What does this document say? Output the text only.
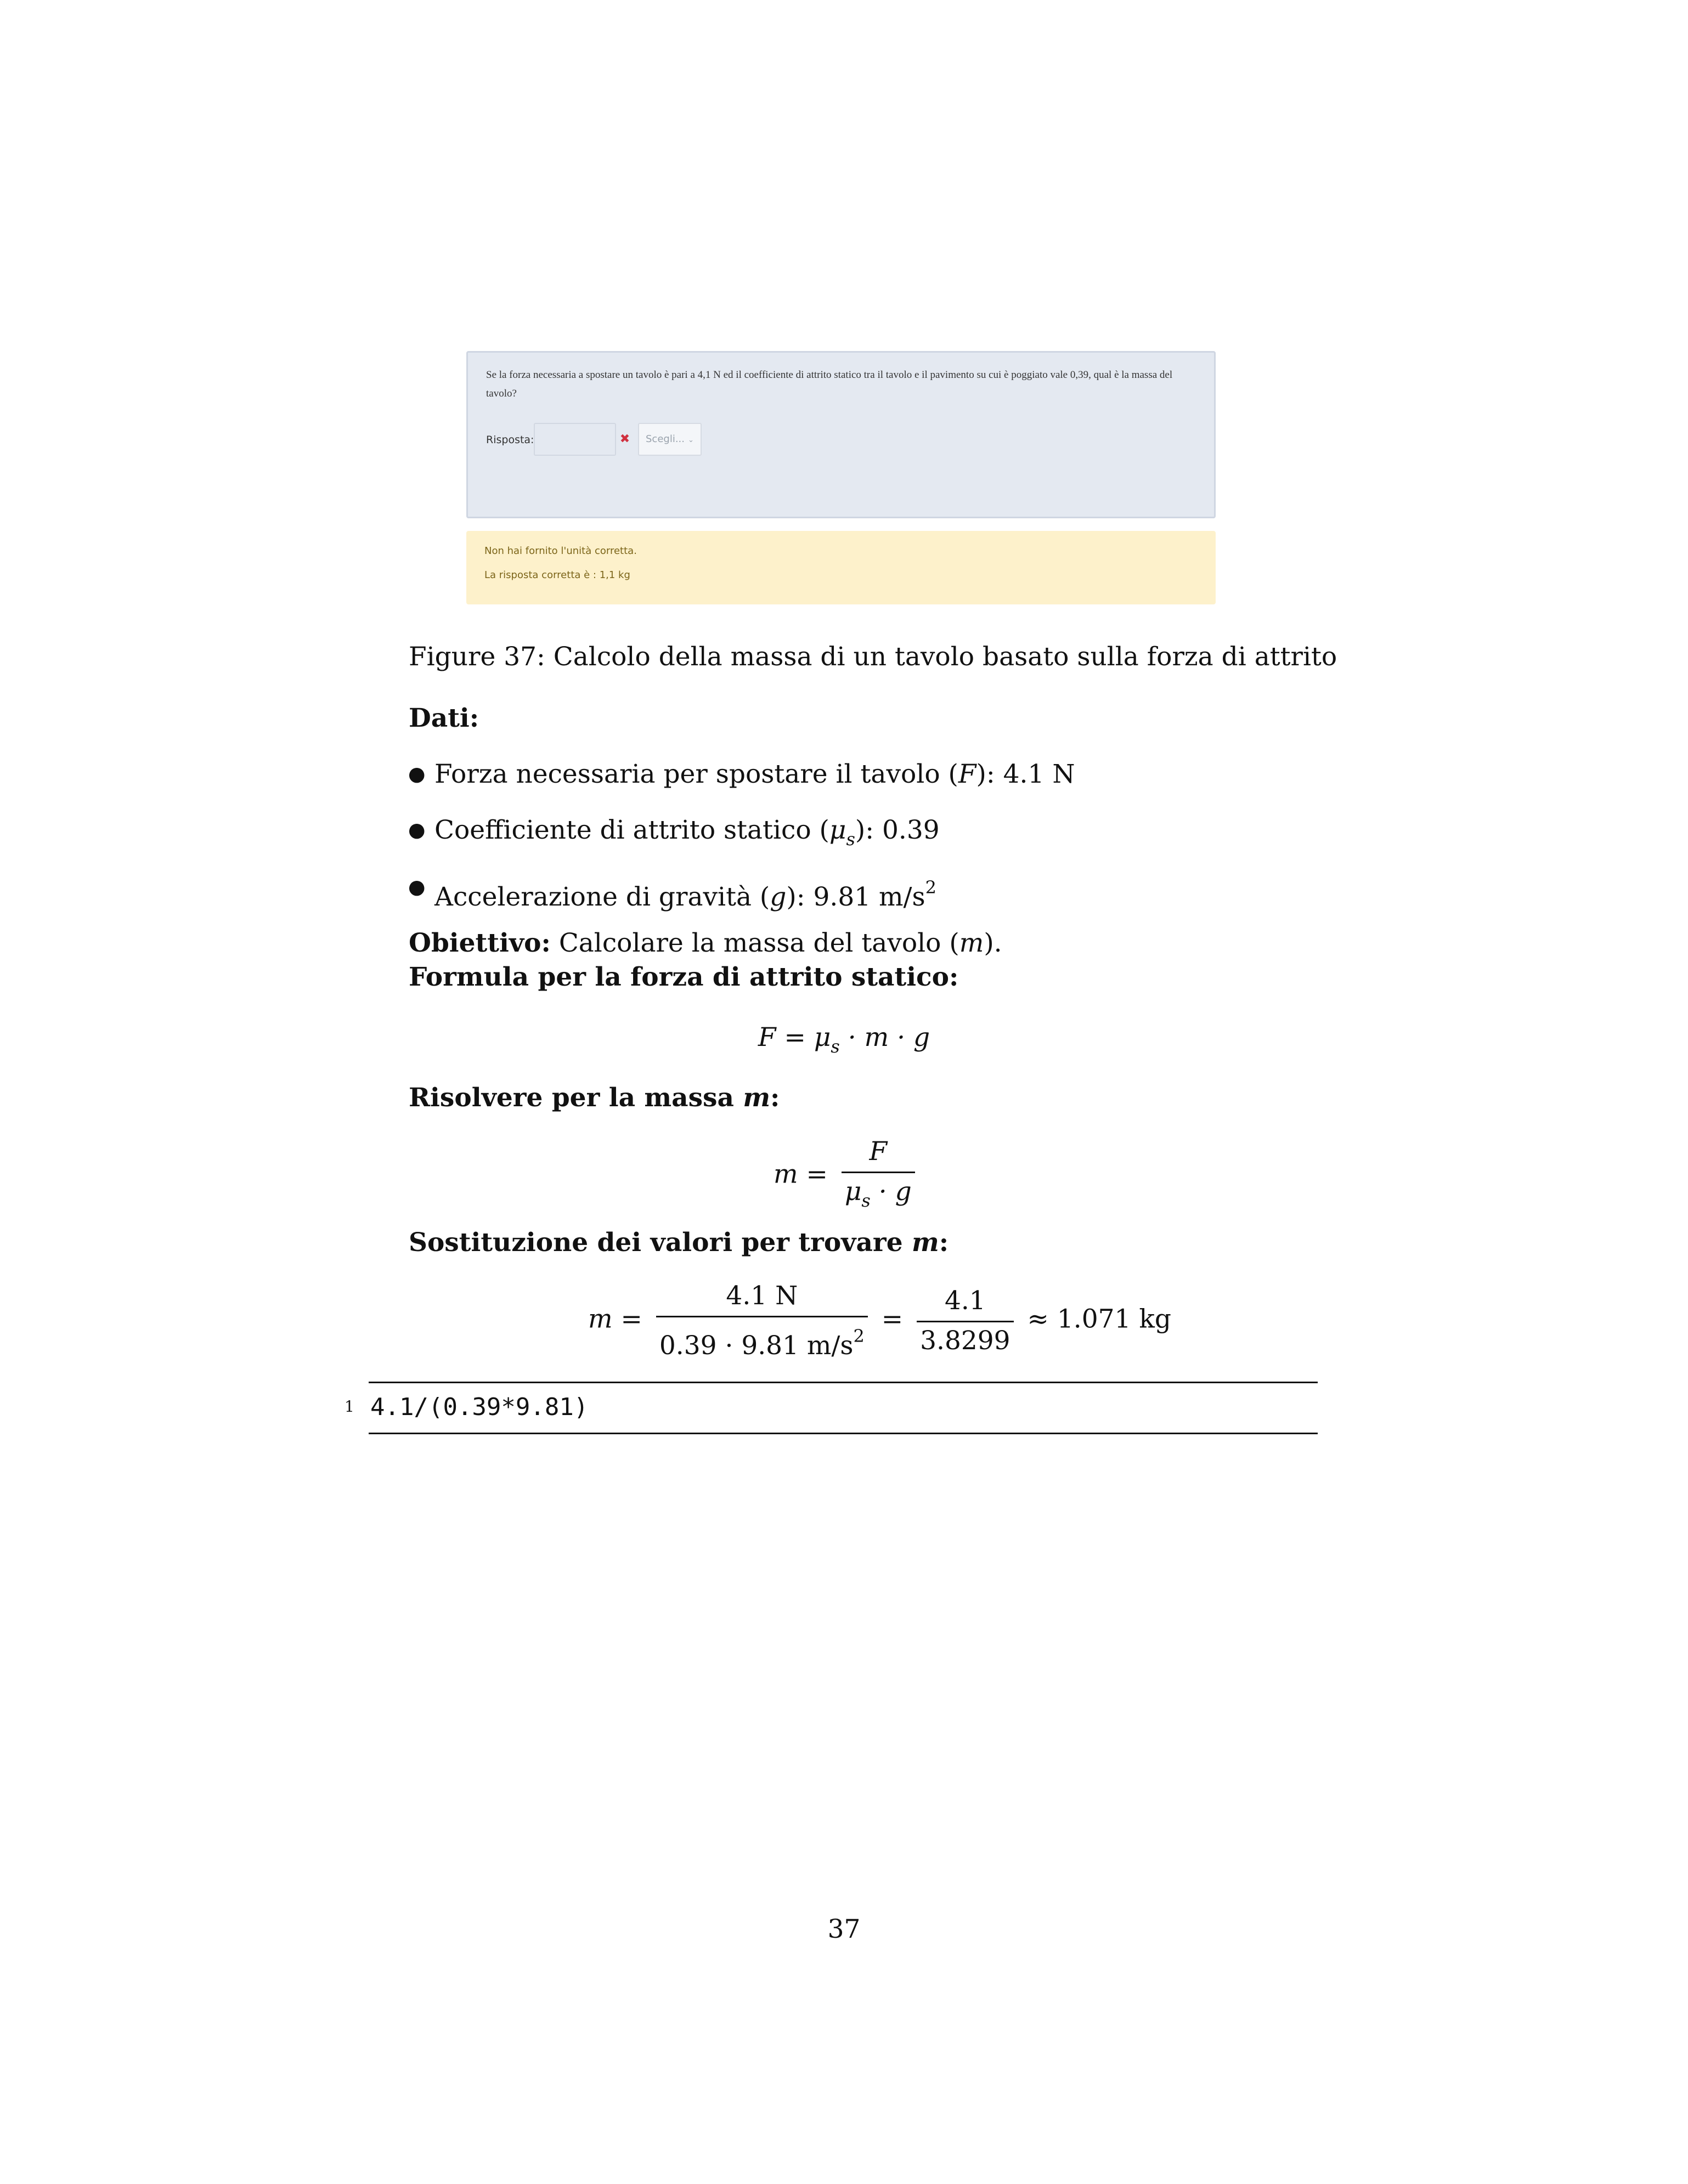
Se la forza necessaria a spostare un tavolo è pari a 4,1 N ed il coefficiente di attrito statico tra il tavolo e il pavimento su cui è poggiato vale 0,39, qual è la massa del tavolo?
Risposta:	✖	Scegli... ⌄
Non hai fornito l'unità corretta.
La risposta corretta è : 1,1 kg
Figure 37: Calcolo della massa di un tavolo basato sulla forza di attrito
Dati:
● Forza necessaria per spostare il tavolo (F): 4.1 N
● Coefficiente di attrito statico $(\mu_s)$: 0.39
● Accelerazione di gravità (g): 9.81 $m/s^2$
Obiettivo: Calcolare la massa del tavolo (m).
Formula per la forza di attrito statico:
$F = \mu_s \cdot m \cdot g$
Risolvere per la massa m:
$m = \frac{F}{\mu_s \cdot g}$
Sostituzione dei valori per trovare m:
$m = \frac{4.1 N}{0.39 \cdot 9.81 m/s^2} = \frac{4.1}{3.8299} \approx 1.071$ kg
1 4.1/(0.39*9.81)
37
